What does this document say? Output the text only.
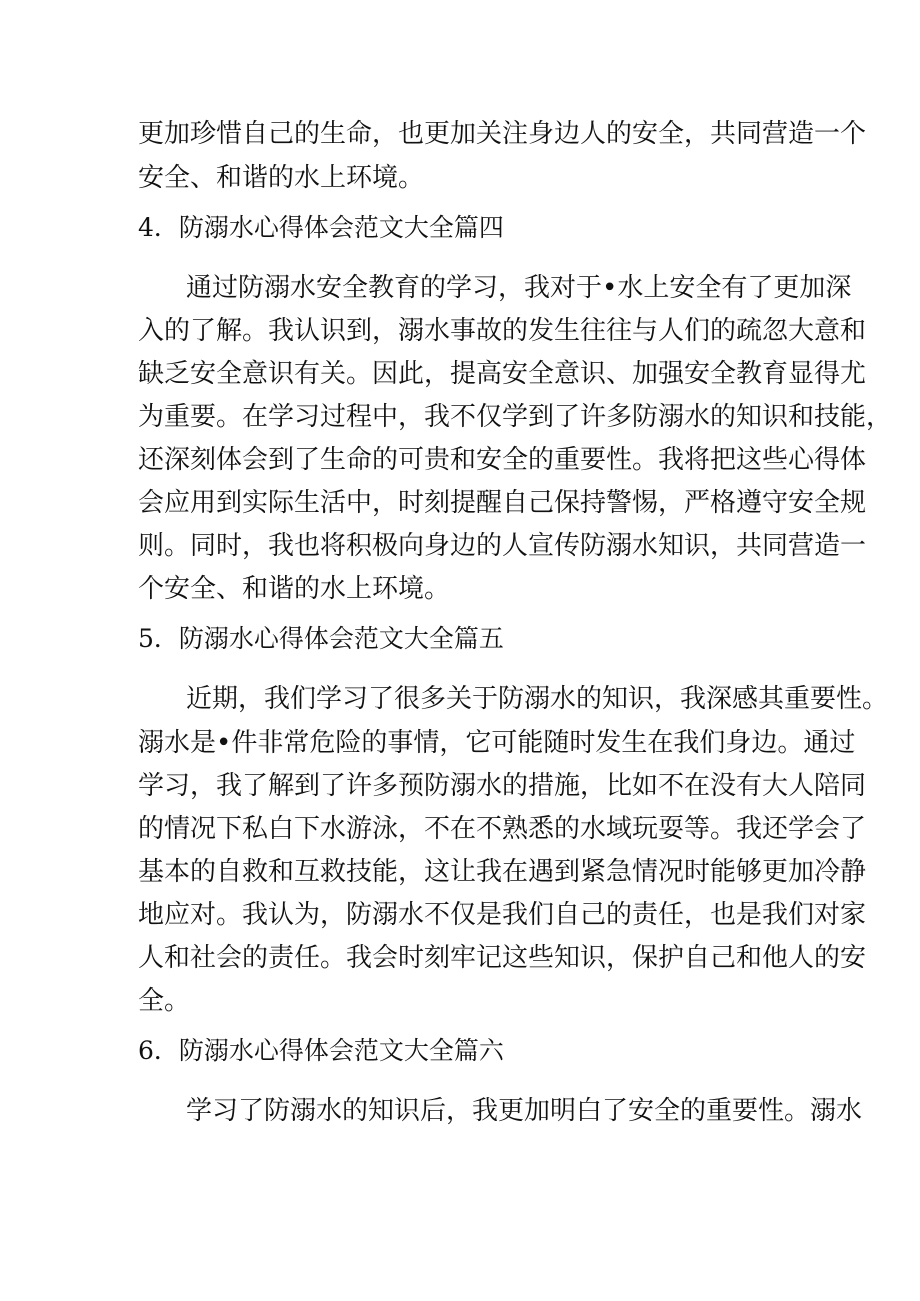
更加珍惜自己的生命，也更加关注身边人的安全，共同营造一个
安全、和谐的水上环境。
4．防溺水心得体会范文大全篇四
通过防溺水安全教育的学习，我对于•水上安全有了更加深
入的了解。我认识到，溺水事故的发生往往与人们的疏忽大意和
缺乏安全意识有关。因此，提高安全意识、加强安全教育显得尤
为重要。在学习过程中，我不仅学到了许多防溺水的知识和技能，
还深刻体会到了生命的可贵和安全的重要性。我将把这些心得体
会应用到实际生活中，时刻提醒自己保持警惕，严格遵守安全规
则。同时，我也将积极向身边的人宣传防溺水知识，共同营造一
个安全、和谐的水上环境。
5．防溺水心得体会范文大全篇五
近期，我们学习了很多关于防溺水的知识，我深感其重要性。
溺水是•件非常危险的事情，它可能随时发生在我们身边。通过
学习，我了解到了许多预防溺水的措施，比如不在没有大人陪同
的情况下私白下水游泳，不在不熟悉的水域玩耍等。我还学会了
基本的自救和互救技能，这让我在遇到紧急情况时能够更加冷静
地应对。我认为，防溺水不仅是我们自己的责任，也是我们对家
人和社会的责任。我会时刻牢记这些知识，保护自己和他人的安
全。
6．防溺水心得体会范文大全篇六
学习了防溺水的知识后，我更加明白了安全的重要性。溺水
